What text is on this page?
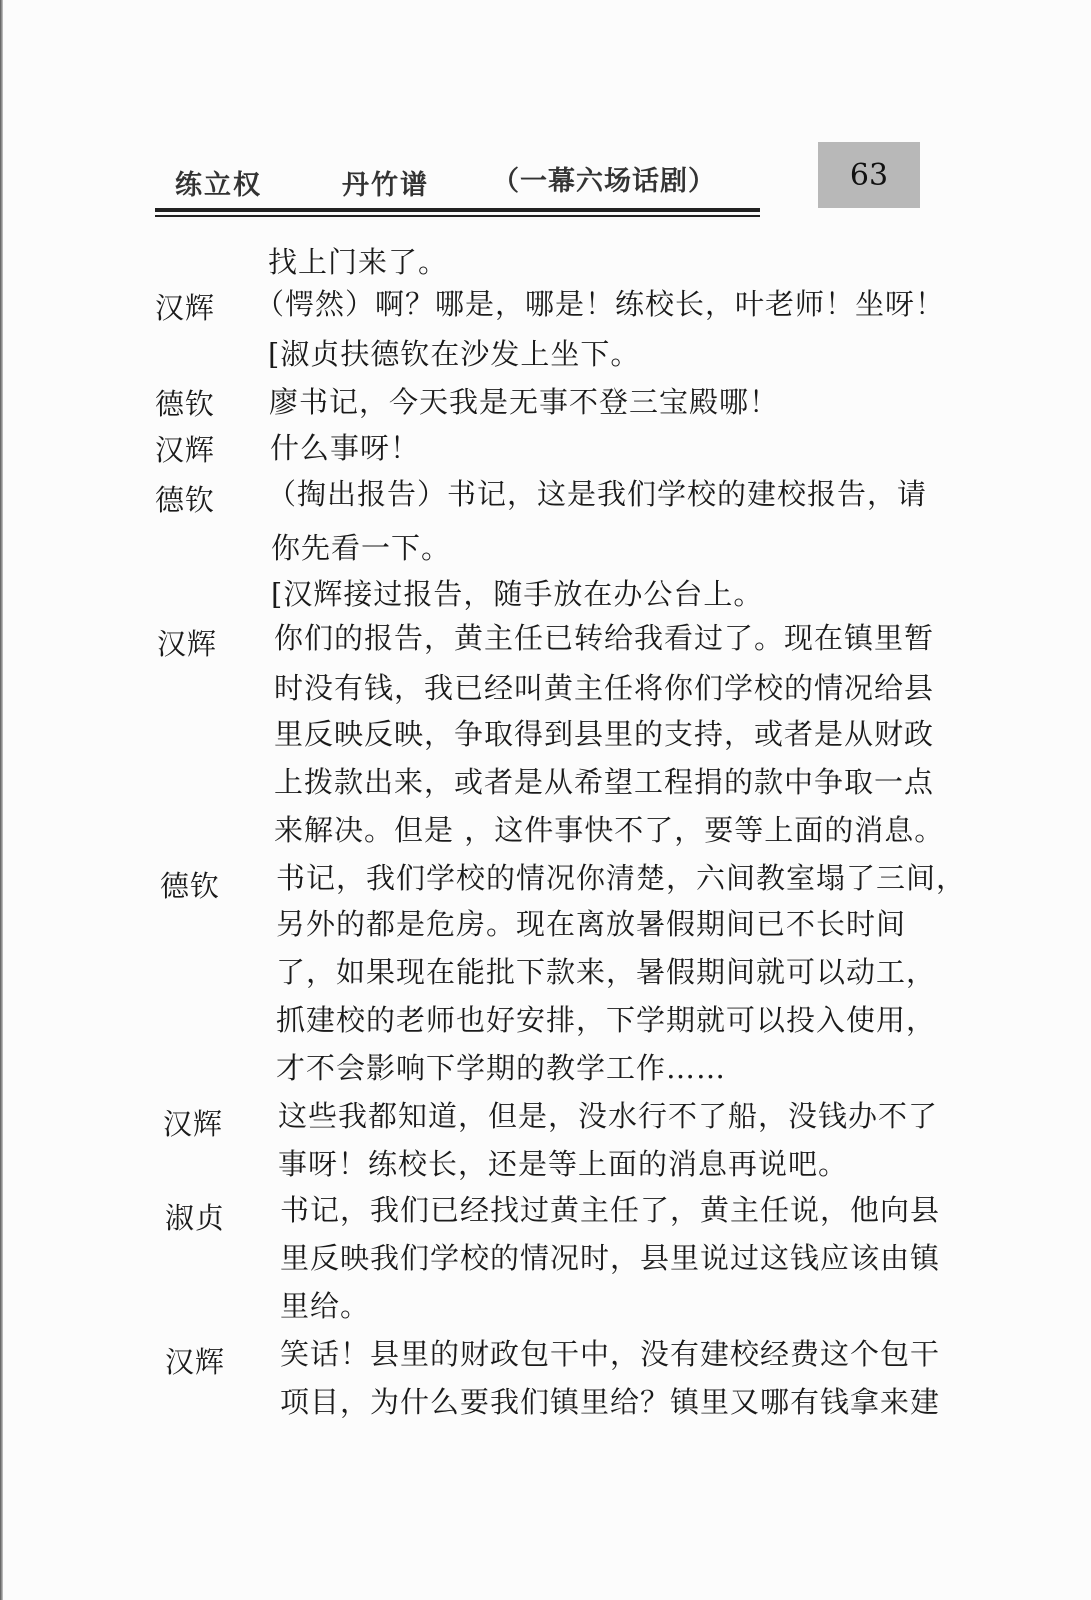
练立权	丹竹谱 （一幕六场话剧）	63
找上门来了。
汉辉 （愕然）啊？哪是，哪是！练校长，叶老师！坐呀！
[淑贞扶德钦在沙发上坐下。
德钦 廖书记，今天我是无事不登三宝殿哪！
汉辉 什么事呀！
德钦 （掏出报告）书记，这是我们学校的建校报告，请
你先看一下。
[汉辉接过报告，随手放在办公台上。
汉辉 你们的报告，黄主任已转给我看过了。现在镇里暂
时没有钱，我已经叫黄主任将你们学校的情况给县
里反映反映，争取得到县里的支持，或者是从财政
上拨款出来，或者是从希望工程捐的款中争取一点
来解决。但是 ，这件事快不了，要等上面的消息。
德钦 书记，我们学校的情况你清楚，六间教室塌了三间，
另外的都是危房。现在离放暑假期间已不长时间
了，如果现在能批下款来，暑假期间就可以动工，
抓建校的老师也好安排，下学期就可以投入使用，
才不会影响下学期的教学工作……
汉辉 这些我都知道，但是，没水行不了船，没钱办不了
事呀！练校长，还是等上面的消息再说吧。
淑贞 书记，我们已经找过黄主任了，黄主任说，他向县
里反映我们学校的情况时，县里说过这钱应该由镇
里给。
汉辉 笑话！县里的财政包干中，没有建校经费这个包干
项目，为什么要我们镇里给？镇里又哪有钱拿来建
